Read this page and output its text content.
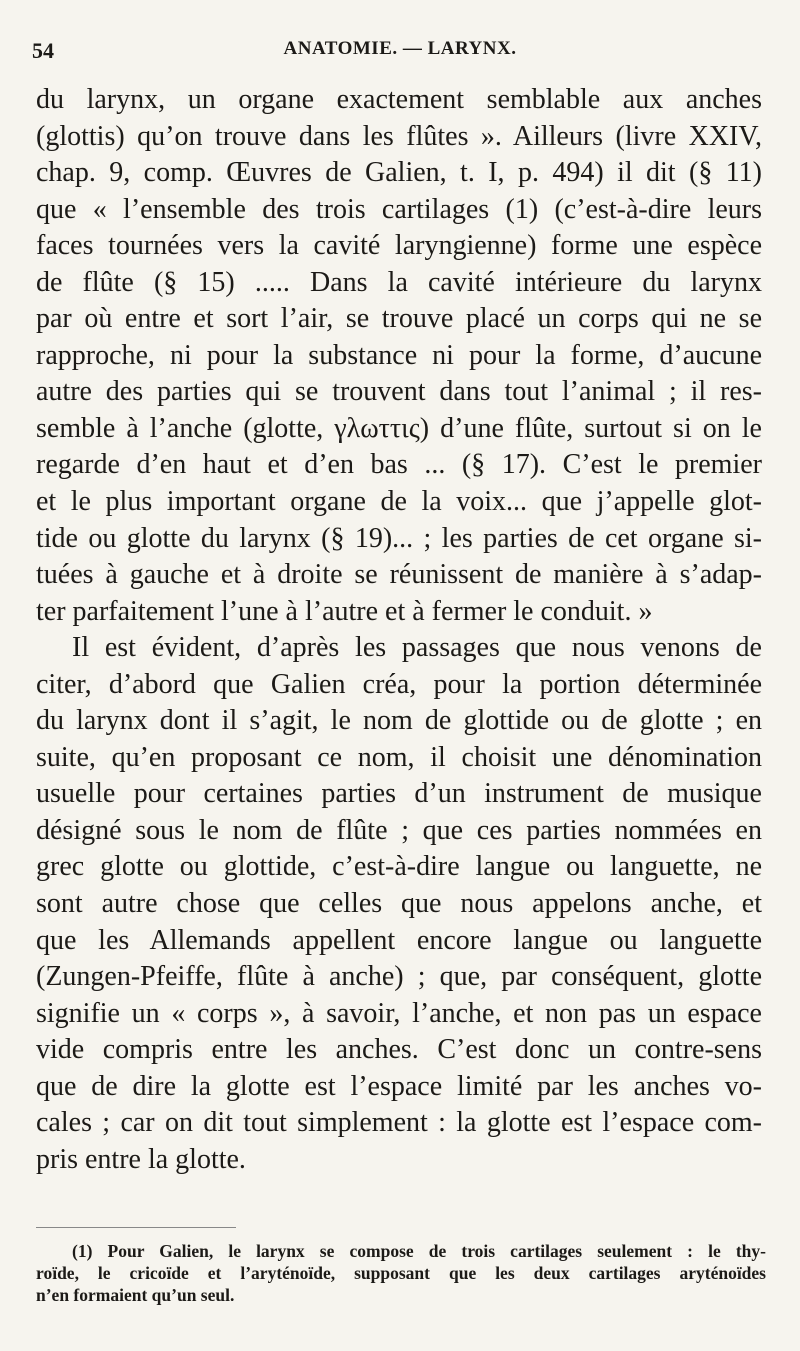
54	ANATOMIE. — LARYNX.
du larynx, un organe exactement semblable aux anches
(glottis) qu’on trouve dans les flûtes ». Ailleurs (livre XXIV,
chap. 9, comp. Œuvres de Galien, t. I, p. 494) il dit (§ 11)
que « l’ensemble des trois cartilages (1) (c’est-à-dire leurs
faces tournées vers la cavité laryngienne) forme une espèce
de flûte (§ 15) ..... Dans la cavité intérieure du larynx
par où entre et sort l’air, se trouve placé un corps qui ne se
rapproche, ni pour la substance ni pour la forme, d’aucune
autre des parties qui se trouvent dans tout l’animal ; il res-
semble à l’anche (glotte, γλωττις) d’une flûte, surtout si on le
regarde d’en haut et d’en bas ... (§ 17). C’est le premier
et le plus important organe de la voix... que j’appelle glot-
tide ou glotte du larynx (§ 19)... ; les parties de cet organe si-
tuées à gauche et à droite se réunissent de manière à s’adap-
ter parfaitement l’une à l’autre et à fermer le conduit. »
Il est évident, d’après les passages que nous venons de
citer, d’abord que Galien créa, pour la portion déterminée
du larynx dont il s’agit, le nom de glottide ou de glotte ; en
suite, qu’en proposant ce nom, il choisit une dénomination
usuelle pour certaines parties d’un instrument de musique
désigné sous le nom de flûte ; que ces parties nommées en
grec glotte ou glottide, c’est-à-dire langue ou languette, ne
sont autre chose que celles que nous appelons anche, et
que les Allemands appellent encore langue ou languette
(Zungen-Pfeiffe, flûte à anche) ; que, par conséquent, glotte
signifie un « corps », à savoir, l’anche, et non pas un espace
vide compris entre les anches. C’est donc un contre-sens
que de dire la glotte est l’espace limité par les anches vo-
cales ; car on dit tout simplement : la glotte est l’espace com-
pris entre la glotte.
(1) Pour Galien, le larynx se compose de trois cartilages seulement : le thy-
roïde, le cricoïde et l’aryténoïde, supposant que les deux cartilages aryténoïdes
n’en formaient qu’un seul.
